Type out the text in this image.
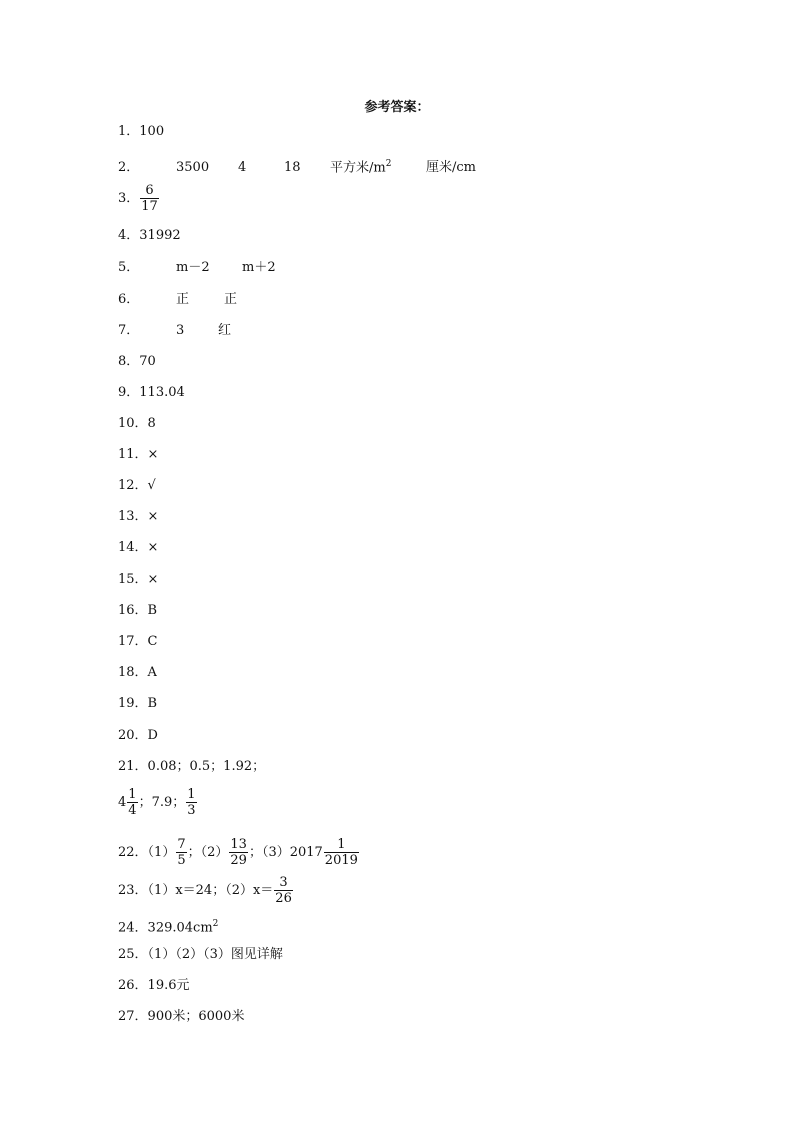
参考答案：
1．100
2．	3500 4	18 平方米$/m^2$	厘米/cm
3． $\frac{6}{17}$
4．31992
5．	m－2 m＋2
6．	正	正
7．	3	红
8．70
9．113.04
10．8
11．×
12．√
13．×
14．×
15．×
16．B
17．C
18．A
19．B
20．D
21．0.08；0.5；1.92；
$4 \frac{1}{4}$ ；7.9； $\frac{1}{3}$
22．$(1) \frac{7}{5}$ ；$(2) \frac{13}{29}$ ；$(3)2017 \frac{1}{2019}$
23．（1）x＝24；$(2)x= \frac{3}{26}$
24．$329.04cm^2$
25．（1）（2）（3）图见详解
26．19.6元
27．900米；6000米
